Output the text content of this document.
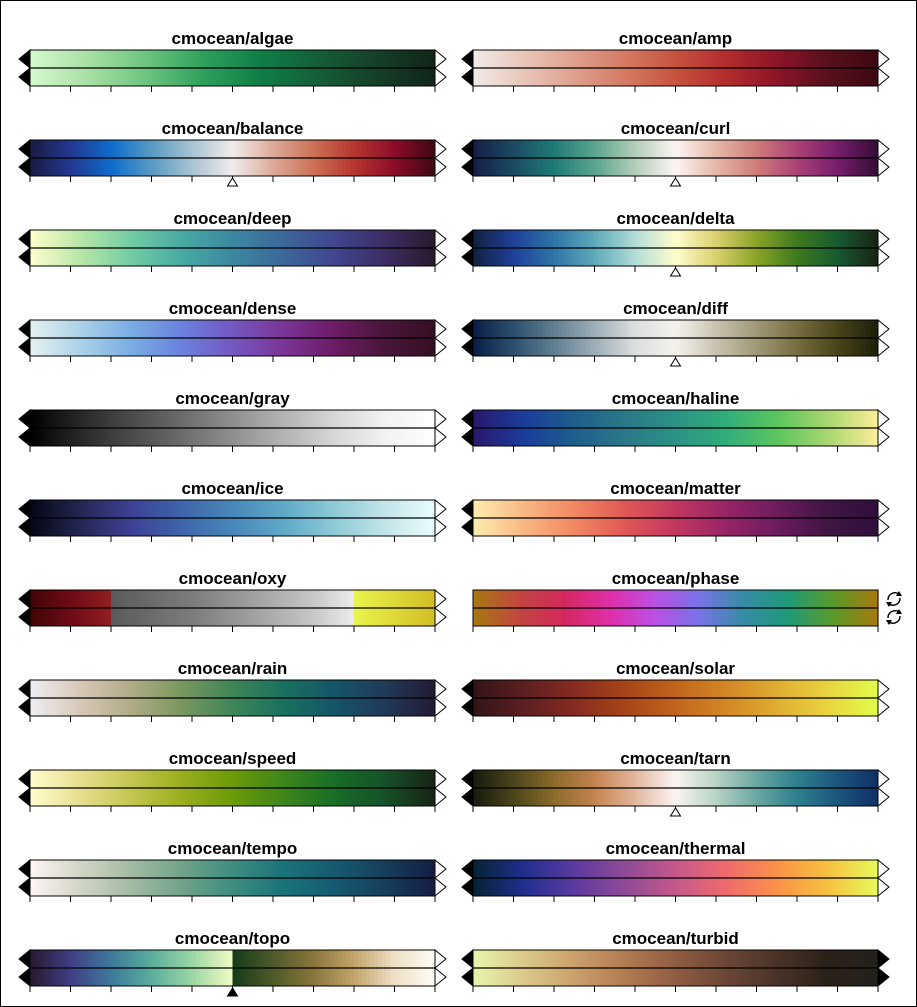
cmocean/algae	cmocean/amp
cmocean/balance	cmocean/curl
cmocean/deep	cmocean/delta
cmocean/dense	cmocean/diff
cmocean/gray	cmocean/haline
cmocean/ice	cmocean/matter
cmocean/oxy	cmocean/phase
cmocean/rain	cmocean/solar
cmocean/speed	cmocean/tarn
cmocean/tempo	cmocean/thermal
cmocean/topo	cmocean/turbid
